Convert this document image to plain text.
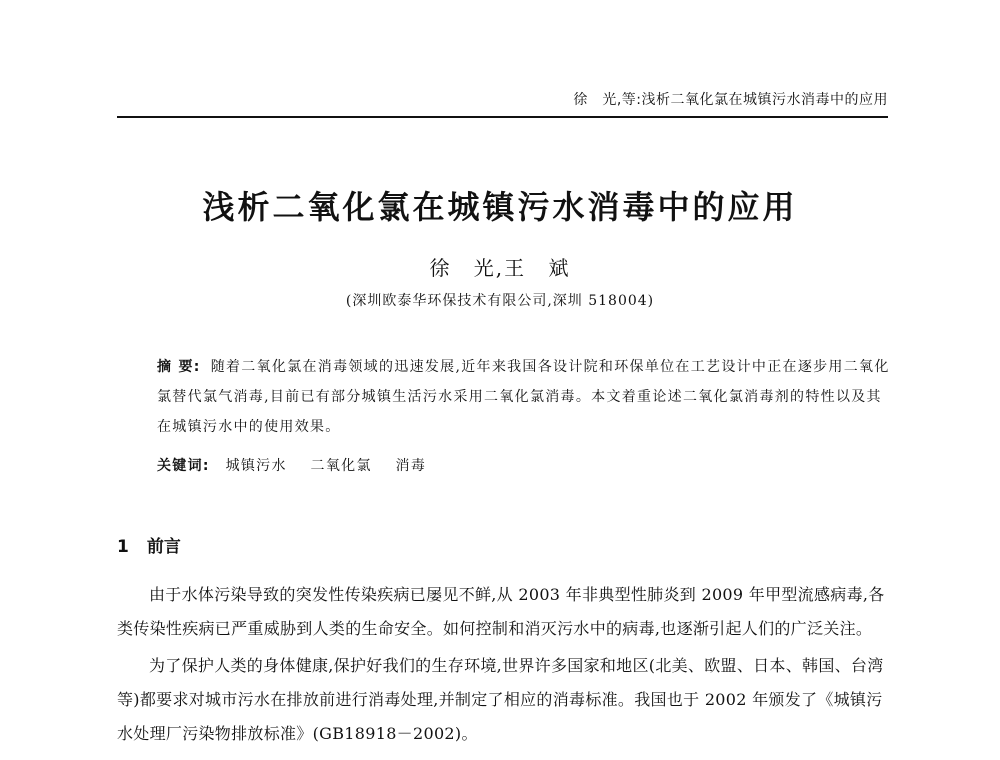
徐　光,等:浅析二氧化氯在城镇污水消毒中的应用
浅析二氧化氯在城镇污水消毒中的应用
徐 光,王 斌
(深圳欧泰华环保技术有限公司,深圳 518004)

摘 要: 随着二氧化氯在消毒领域的迅速发展,近年来我国各设计院和环保单位在工艺设计中正在逐步用二氧化氯替代氯气消毒,目前已有部分城镇生活污水采用二氧化氯消毒。本文着重论述二氧化氯消毒剂的特性以及其在城镇污水中的使用效果。

关键词: 城镇污水 二氧化氯 消毒
1 前言

由于水体污染导致的突发性传染疾病已屡见不鲜,从 2003 年非典型性肺炎到 2009 年甲型流感病毒,各类传染性疾病已严重威胁到人类的生命安全。如何控制和消灭污水中的病毒,也逐渐引起人们的广泛关注。

为了保护人类的身体健康,保护好我们的生存环境,世界许多国家和地区(北美、欧盟、日本、韩国、台湾等)都要求对城市污水在排放前进行消毒处理,并制定了相应的消毒标准。我国也于 2002 年颁发了《城镇污水处理厂污染物排放标准》(GB18918－2002)。
